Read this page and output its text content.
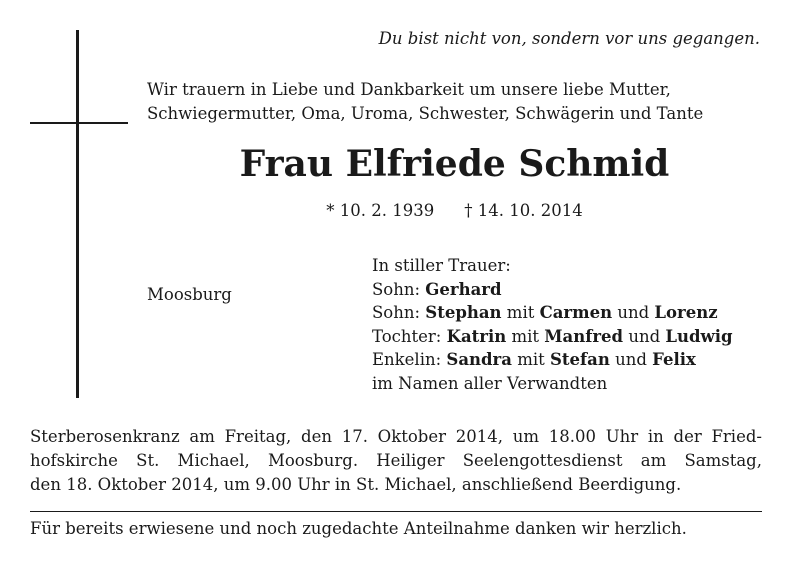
Du bist nicht von, sondern vor uns gegangen.
Wir trauern in Liebe und Dankbarkeit um unsere liebe Mutter,
Schwiegermutter, Oma, Uroma, Schwester, Schwägerin und Tante
Frau Elfriede Schmid
* 10. 2. 1939 † 14. 10. 2014
Moosburg
In stiller Trauer:
Sohn: Gerhard
Sohn: Stephan mit Carmen und Lorenz
Tochter: Katrin mit Manfred und Ludwig
Enkelin: Sandra mit Stefan und Felix
im Namen aller Verwandten
Sterberosenkranz am Freitag, den 17. Oktober 2014, um 18.00 Uhr in der Fried-
hofskirche St. Michael, Moosburg. Heiliger Seelengottesdienst am Samstag,
den 18. Oktober 2014, um 9.00 Uhr in St. Michael, anschließend Beerdigung.
Für bereits erwiesene und noch zugedachte Anteilnahme danken wir herzlich.
